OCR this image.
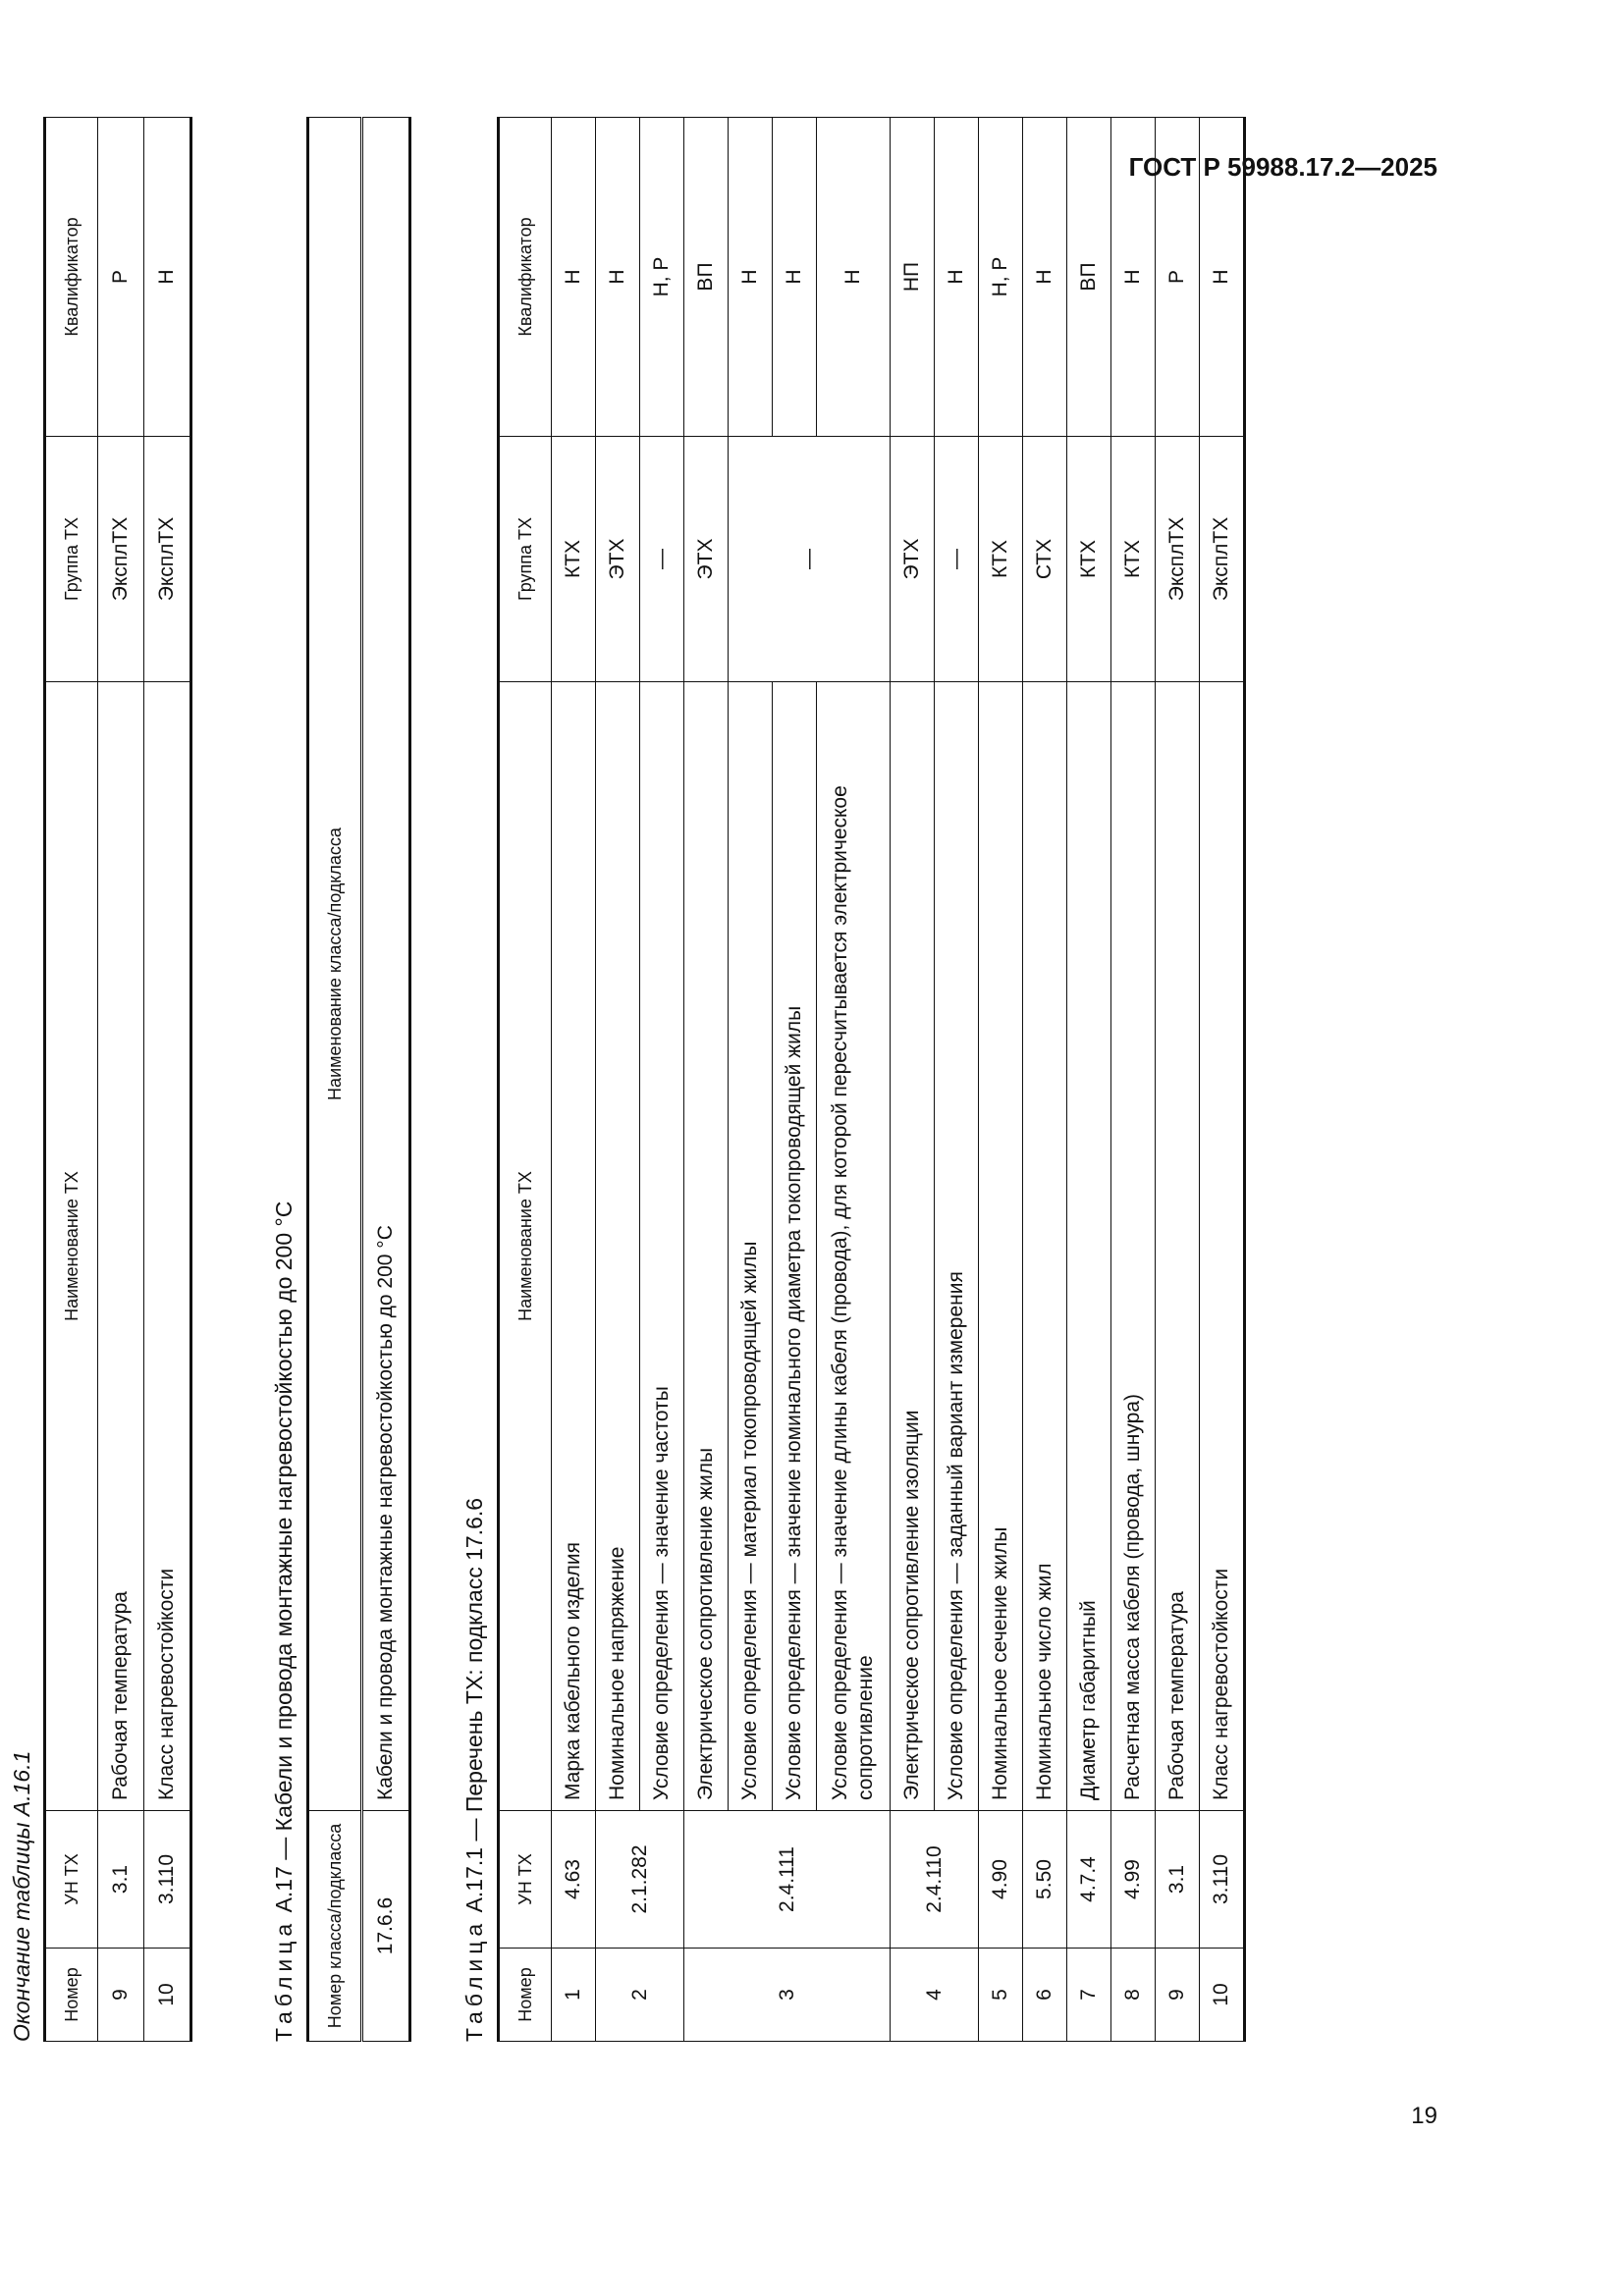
ГОСТ Р 59988.17.2—2025
Окончание таблицы А.16.1	Номер	УН ТХ	Наименование ТХ	Группа ТХ	Квалификатор
9	3.1	Рабочая температура	ЭксплТХ	Р
10	3.110	Класс нагревостойкости	ЭксплТХ	Н
Таблица А.17 — Кабели и провода монтажные нагревостойкостью до 200 °С
Номер класса/подкласса	Наименование класса/подкласса
17.6.6	Кабели и провода монтажные нагревостойкостью до 200 °С
Таблица А.17.1 — Перечень ТХ: подкласс 17.6.6
Номер	УН ТХ	Наименование ТХ	Группа ТХ	Квалификатор
1	4.63	Марка кабельного изделия	КТХ	Н
2	2.1.282	Номинальное напряжение	ЭТХ	Н
		Условие определения — значение частоты	—	Н, Р
3	2.4.111	Электрическое сопротивление жилы	ЭТХ	ВП
		Условие определения — материал токопроводящей жилы	—	Н
		Условие определения — значение номинального диаметра токопроводящей жилы		Н
		Условие определения — значение длины кабеля (провода), для которой пересчитывается электрическое сопротивление		Н
4	2.4.110	Электрическое сопротивление изоляции	ЭТХ	НП
		Условие определения — заданный вариант измерения	—	Н
5	4.90	Номинальное сечение жилы	КТХ	Н, Р
6	5.50	Номинальное число жил	СТХ	Н
7	4.7.4	Диаметр габаритный	КТХ	ВП
8	4.99	Расчетная масса кабеля (провода, шнура)	КТХ	Н
9	3.1	Рабочая температура	ЭксплТХ	Р
10	3.110	Класс нагревостойкости	ЭксплТХ	Н
19
